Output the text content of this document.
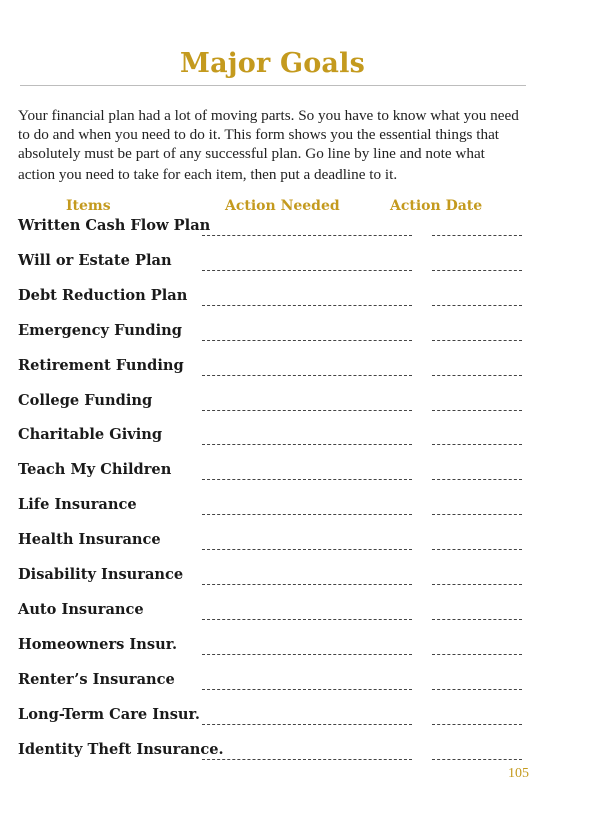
Major Goals

Your financial plan had a lot of moving parts. So you have to know what you need

to do and when you need to do it. This form shows you the essential things that

absolutely must be part of any successful plan. Go line by line and note what

action you need to take for each item, then put a deadline to it.

Items	Action Needed	Action Date
Written Cash Flow Plan
Will or Estate Plan
Debt Reduction Plan
Emergency Funding
Retirement Funding
College Funding
Charitable Giving
Teach My Children
Life Insurance
Health Insurance
Disability Insurance
Auto Insurance
Homeowners Insur.
Renter’s Insurance
Long-Term Care Insur.
Identity Theft Insurance.
105
